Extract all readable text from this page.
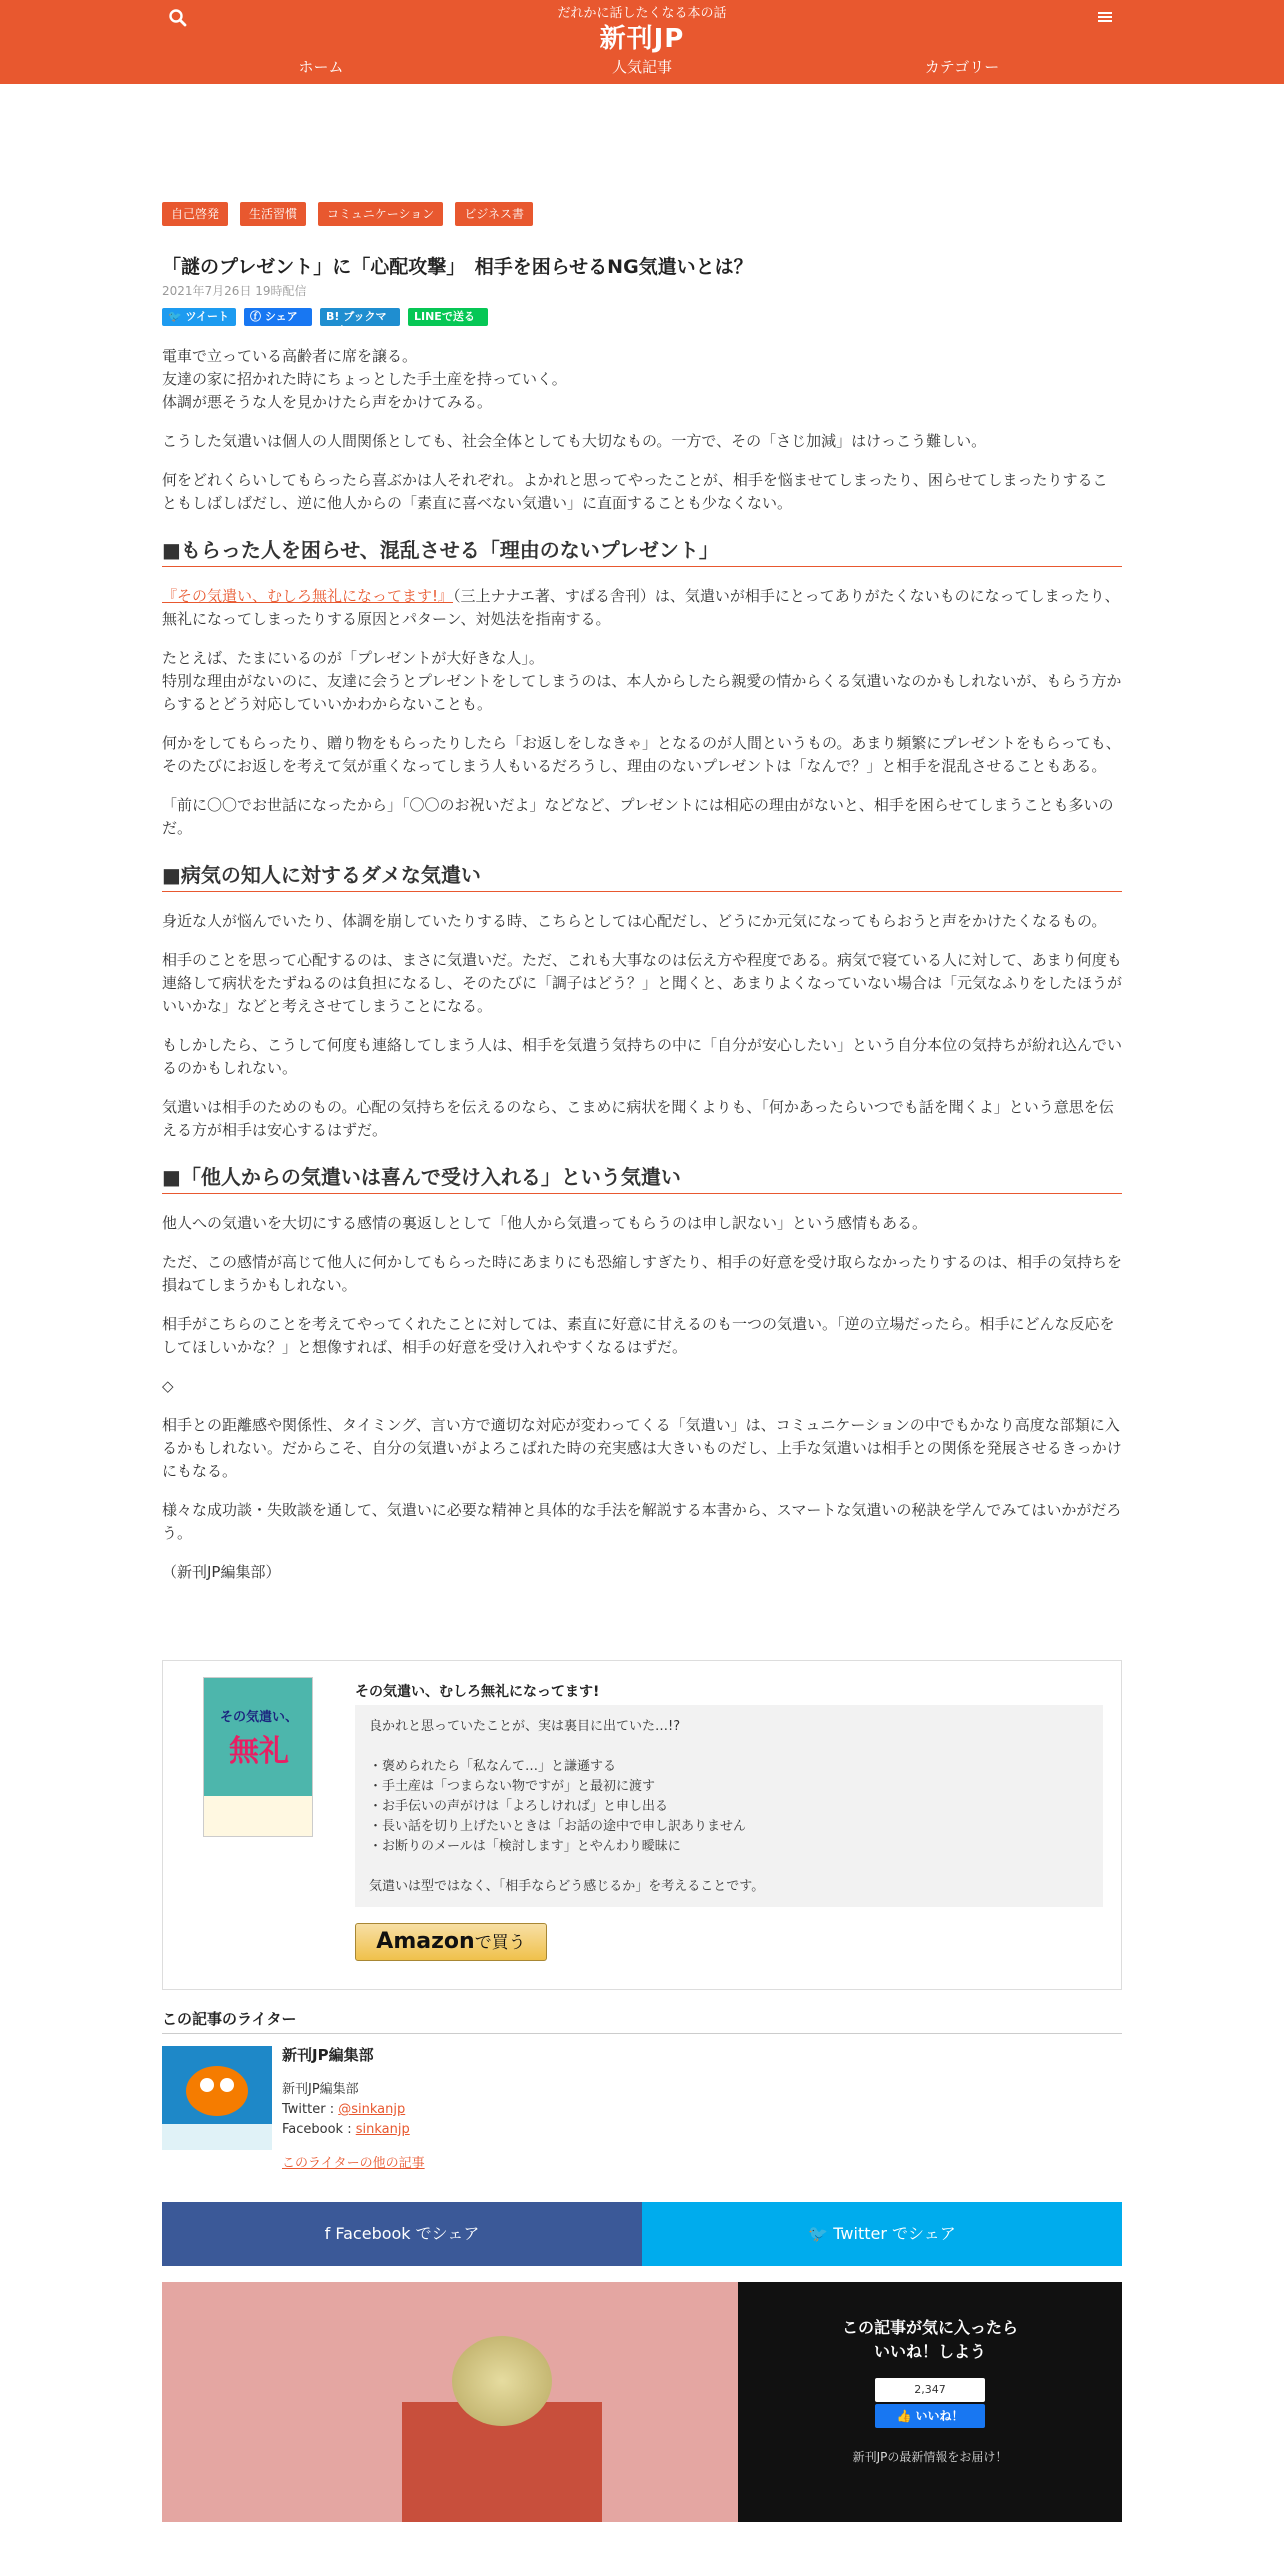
だれかに話したくなる本の話
新刊JP
ホーム	人気記事	カテゴリー
自己啓発	生活習慣	コミュニケーション	ビジネス書
「謎のプレゼント」に「心配攻撃」　相手を困らせるNG気遣いとは？
2021年7月26日 19時配信
🐦 ツイート	ⓕ シェア	B! ブックマーク
LINEで送る

電車で立っている高齢者に席を譲る。
友達の家に招かれた時にちょっとした手土産を持っていく。
体調が悪そうな人を見かけたら声をかけてみる。

こうした気遣いは個人の人間関係としても、社会全体としても大切なもの。一方で、その「さじ加減」はけっこう難しい。

何をどれくらいしてもらったら喜ぶかは人それぞれ。よかれと思ってやったことが、相手を悩ませてしまったり、困らせてしまったりすることもしばしばだし、逆に他人からの「素直に喜べない気遣い」に直面することも少なくない。

■もらった人を困らせ、混乱させる「理由のないプレゼント」

『その気遣い、むしろ無礼になってます!』（三上ナナエ著、すばる舎刊）は、気遣いが相手にとってありがたくないものになってしまったり、無礼になってしまったりする原因とパターン、対処法を指南する。

たとえば、たまにいるのが「プレゼントが大好きな人」。
特別な理由がないのに、友達に会うとプレゼントをしてしまうのは、本人からしたら親愛の情からくる気遣いなのかもしれないが、もらう方からするとどう対応していいかわからないことも。

何かをしてもらったり、贈り物をもらったりしたら「お返しをしなきゃ」となるのが人間というもの。あまり頻繁にプレゼントをもらっても、そのたびにお返しを考えて気が重くなってしまう人もいるだろうし、理由のないプレゼントは「なんで？」と相手を混乱させることもある。

「前に〇〇でお世話になったから」「〇〇のお祝いだよ」などなど、プレゼントには相応の理由がないと、相手を困らせてしまうことも多いのだ。

■病気の知人に対するダメな気遣い

身近な人が悩んでいたり、体調を崩していたりする時、こちらとしては心配だし、どうにか元気になってもらおうと声をかけたくなるもの。

相手のことを思って心配するのは、まさに気遣いだ。ただ、これも大事なのは伝え方や程度である。病気で寝ている人に対して、あまり何度も連絡して病状をたずねるのは負担になるし、そのたびに「調子はどう？」と聞くと、あまりよくなっていない場合は「元気なふりをしたほうがいいかな」などと考えさせてしまうことになる。

もしかしたら、こうして何度も連絡してしまう人は、相手を気遣う気持ちの中に「自分が安心したい」という自分本位の気持ちが紛れ込んでいるのかもしれない。

気遣いは相手のためのもの。心配の気持ちを伝えるのなら、こまめに病状を聞くよりも、「何かあったらいつでも話を聞くよ」という意思を伝える方が相手は安心するはずだ。

■「他人からの気遣いは喜んで受け入れる」という気遣い

他人への気遣いを大切にする感情の裏返しとして「他人から気遣ってもらうのは申し訳ない」という感情もある。

ただ、この感情が高じて他人に何かしてもらった時にあまりにも恐縮しすぎたり、相手の好意を受け取らなかったりするのは、相手の気持ちを損ねてしまうかもしれない。

相手がこちらのことを考えてやってくれたことに対しては、素直に好意に甘えるのも一つの気遣い。「逆の立場だったら。相手にどんな反応をしてほしいかな？」と想像すれば、相手の好意を受け入れやすくなるはずだ。

◇

相手との距離感や関係性、タイミング、言い方で適切な対応が変わってくる「気遣い」は、コミュニケーションの中でもかなり高度な部類に入るかもしれない。だからこそ、自分の気遣いがよろこばれた時の充実感は大きいものだし、上手な気遣いは相手との関係を発展させるきっかけにもなる。

様々な成功談・失敗談を通して、気遣いに必要な精神と具体的な手法を解説する本書から、スマートな気遣いの秘訣を学んでみてはいかがだろう。

（新刊JP編集部）

その気遣い、
無礼
その気遣い、むしろ無礼になってます!
良かれと思っていたことが、実は裏目に出ていた…!?
・褒められたら「私なんて…」と謙遜する
・手土産は「つまらない物ですが」と最初に渡す
・お手伝いの声がけは「よろしければ」と申し出る
・長い話を切り上げたいときは「お話の途中で申し訳ありません
・お断りのメールは「検討します」とやんわり曖昧に
気遣いは型ではなく、「相手ならどう感じるか」を考えることです。
Amazonで買う
この記事のライター
新刊JP編集部
新刊JP編集部
Twitter : @sinkanjp
Facebook : sinkanjp
このライターの他の記事
f Facebook でシェア	🐦 Twitter でシェア
この記事が気に入ったら
いいね！しよう
2,347
👍 いいね！
新刊JPの最新情報をお届け！
